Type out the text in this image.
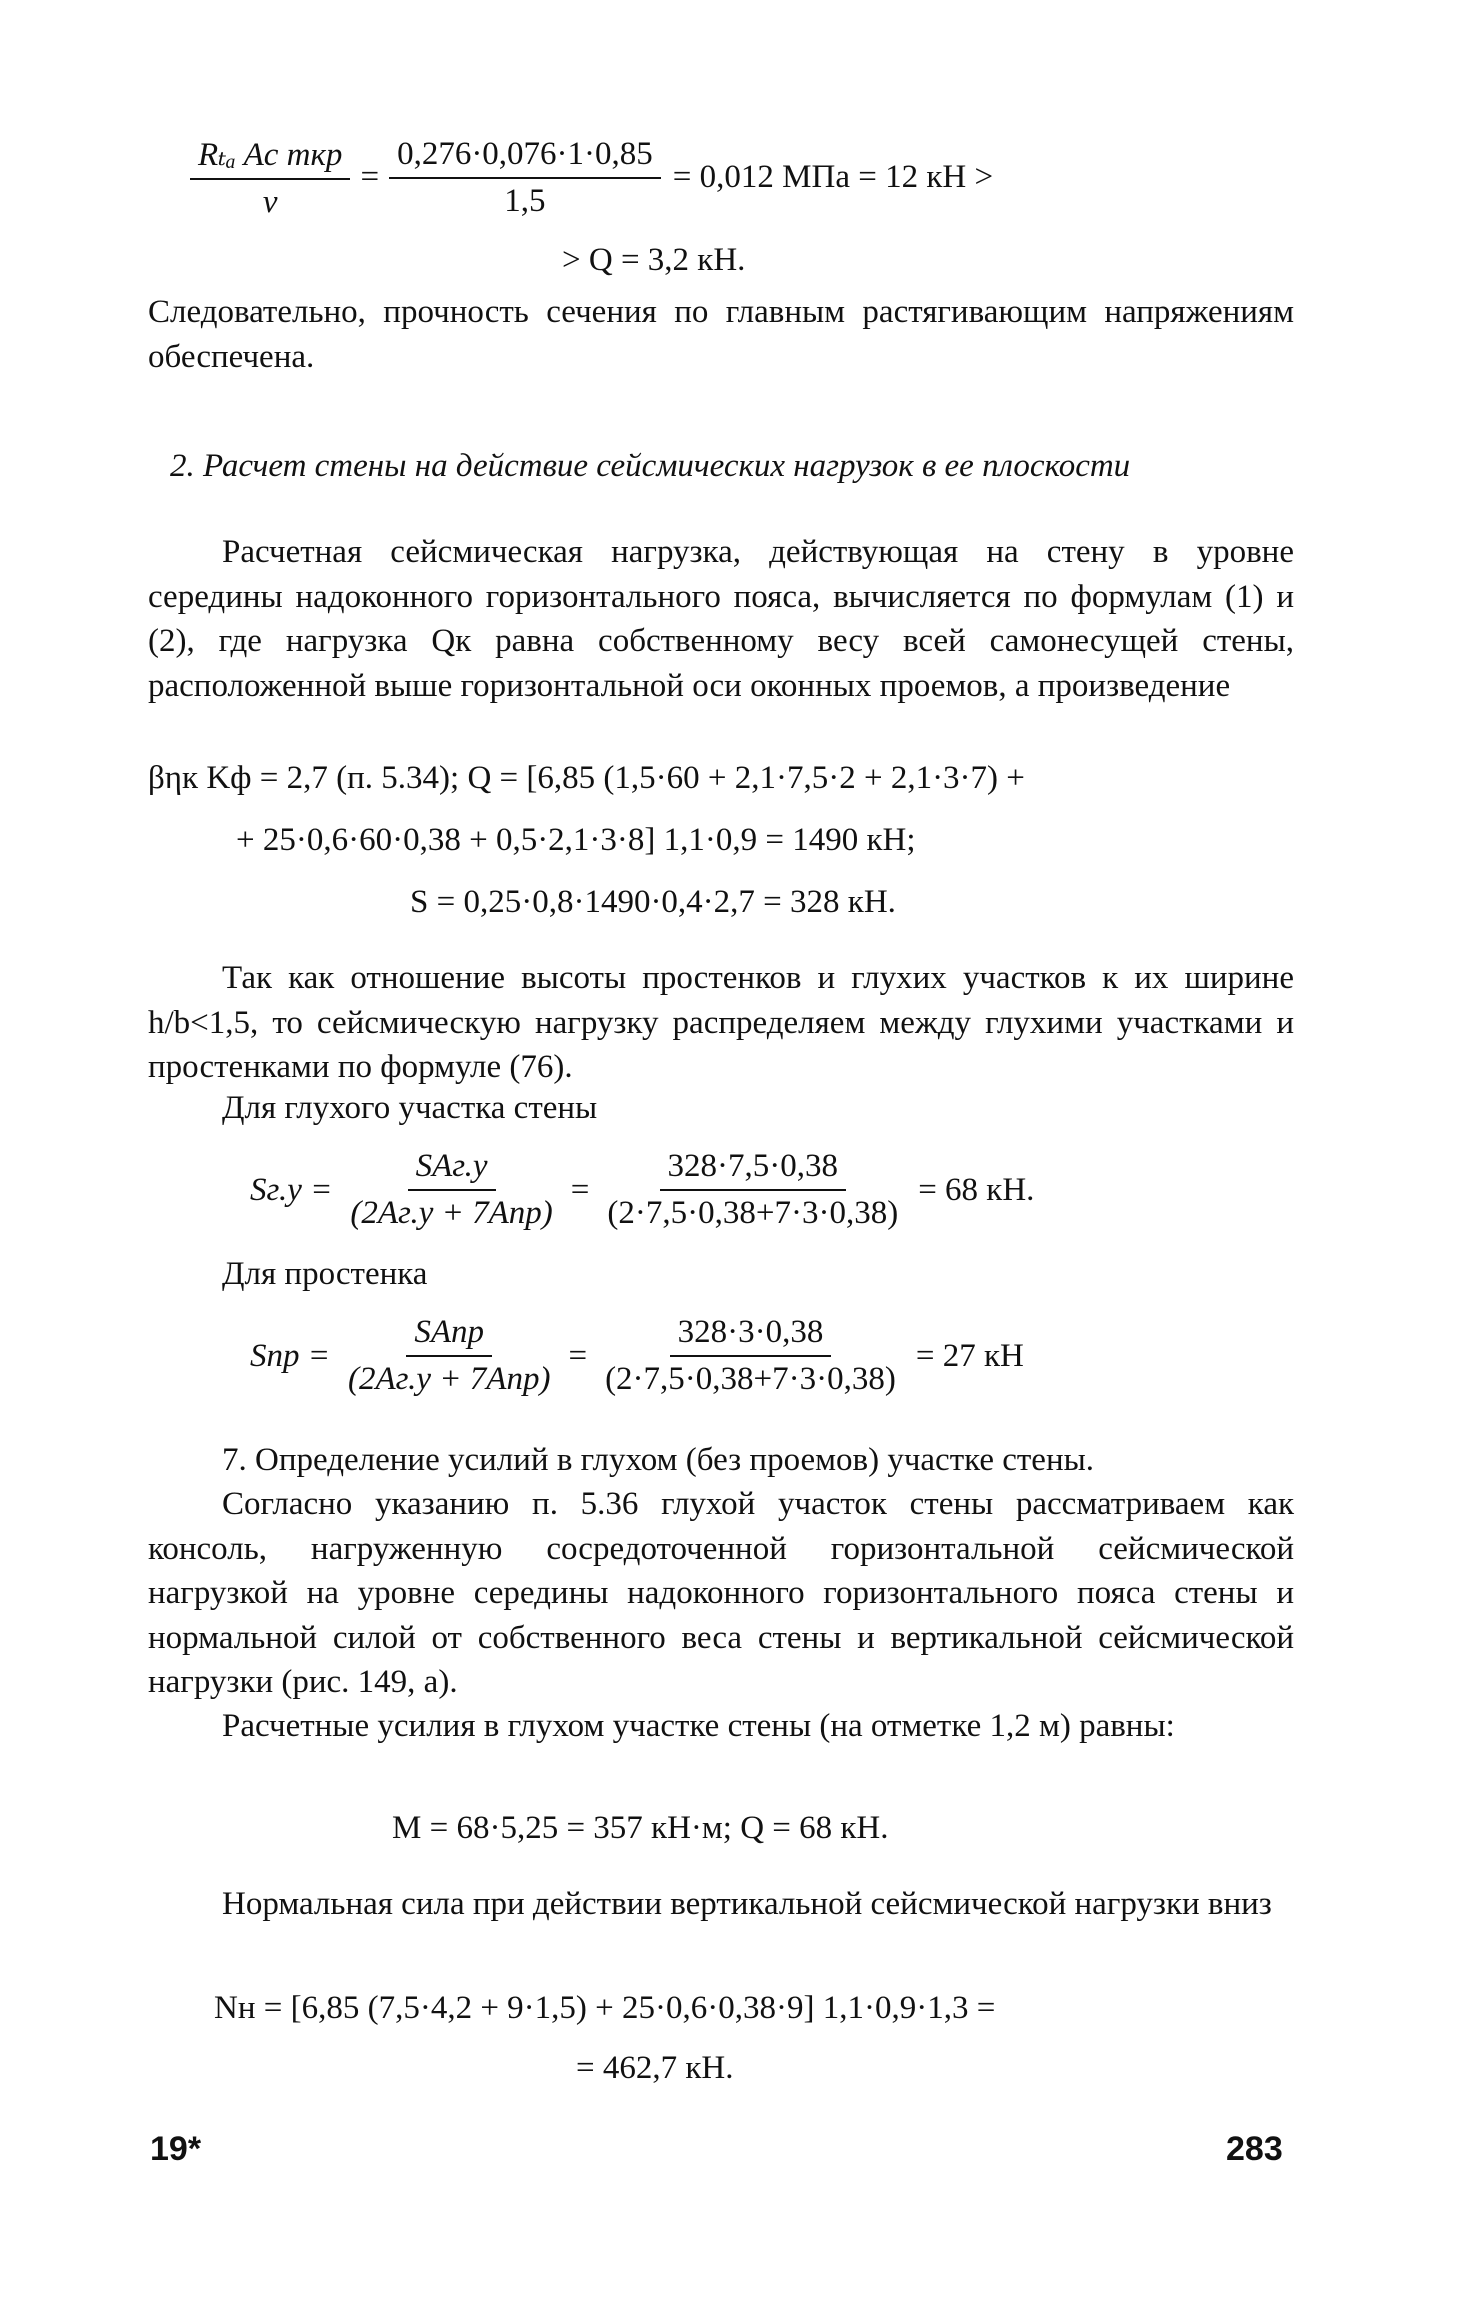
$\frac{\text{Rₜₐ Aс mкр}}{v} = \frac{0,276\cdot 0,076\cdot 1\cdot 0,85}{1,5} = 0,012$ МПа = 12 кН >
> Q = 3,2 кН.
Следовательно, прочность сечения по главным растягивающим напряжениям обеспечена.
2. Расчет стены на действие сейсмических нагрузок в ее плоскости
Расчетная сейсмическая нагрузка, действующая на стену в уровне середины надоконного горизонтального пояса, вычисляется по формулам (1) и (2), где нагрузка Qк равна собственному весу всей самонесущей стены, расположенной выше горизонтальной оси оконных проемов, а произведение
βηк Kф = 2,7 (п. 5.34); Q = [6,85 (1,5·60 + 2,1·7,5·2 + 2,1·3·7) +
+ 25·0,6·60·0,38 + 0,5·2,1·3·8] 1,1·0,9 = 1490 кН;
S = 0,25·0,8·1490·0,4·2,7 = 328 кН.
Так как отношение высоты простенков и глухих участков к их ширине h/b<1,5, то сейсмическую нагрузку распределяем между глухими участками и простенками по формуле (76).
Для глухого участка стены
$Sг.у = \frac{\text{SAг.у}}{\text{(2Aг.у + 7Aпр)}} = \frac{328\cdot 7,5\cdot 0,38}{(2\cdot 7,5\cdot 0,38+7\cdot 3\cdot 0,38)} = 68$ кН.
Для простенка
Sпр = $\frac{\text{SAпр}}{\text{(2Aг.у + 7Aпр)}} = \frac{328\cdot 3\cdot 0,38}{(2\cdot 7,5\cdot 0,38+7\cdot 3\cdot 0,38)} = 27$ кН
7. Определение усилий в глухом (без проемов) участке стены.
Согласно указанию п. 5.36 глухой участок стены рассматриваем как консоль, нагруженную сосредоточенной горизонтальной сейсмической нагрузкой на уровне середины надоконного горизонтального пояса стены и нормальной силой от собственного веса стены и вертикальной сейсмической нагрузки (рис. 149, а).
Расчетные усилия в глухом участке стены (на отметке 1,2 м) равны:
M = 68·5,25 = 357 кН·м; Q = 68 кН.
Нормальная сила при действии вертикальной сейсмической нагрузки вниз
Nн = [6,85 (7,5·4,2 + 9·1,5) + 25·0,6·0,38·9] 1,1·0,9·1,3 =
= 462,7 кН.
19*	283
